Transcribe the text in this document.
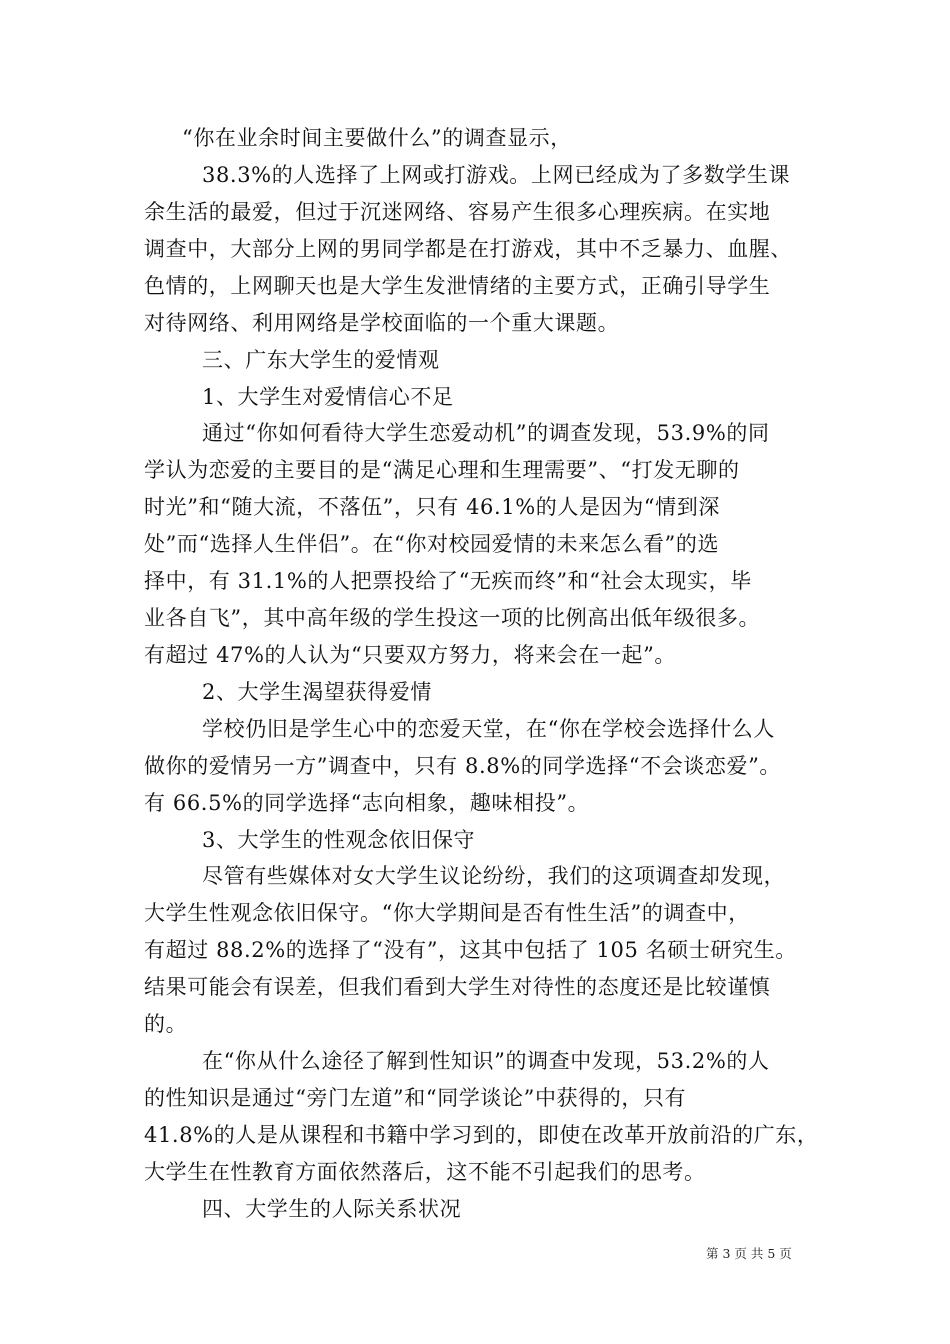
“你在业余时间主要做什么”的调查显示，
38.3%的人选择了上网或打游戏。上网已经成为了多数学生课
余生活的最爱，但过于沉迷网络、容易产生很多心理疾病。在实地
调查中，大部分上网的男同学都是在打游戏，其中不乏暴力、血腥、
色情的，上网聊天也是大学生发泄情绪的主要方式，正确引导学生
对待网络、利用网络是学校面临的一个重大课题。
三、广东大学生的爱情观
1、大学生对爱情信心不足
通过“你如何看待大学生恋爱动机”的调查发现，53.9%的同
学认为恋爱的主要目的是“满足心理和生理需要”、“打发无聊的
时光”和“随大流，不落伍”，只有 46.1%的人是因为“情到深
处”而“选择人生伴侣”。在“你对校园爱情的未来怎么看”的选
择中，有 31.1%的人把票投给了“无疾而终”和“社会太现实，毕
业各自飞”，其中高年级的学生投这一项的比例高出低年级很多。
有超过 47%的人认为“只要双方努力，将来会在一起”。
2、大学生渴望获得爱情
学校仍旧是学生心中的恋爱天堂，在“你在学校会选择什么人
做你的爱情另一方”调查中，只有 8.8%的同学选择“不会谈恋爱”。
有 66.5%的同学选择“志向相象，趣味相投”。
3、大学生的性观念依旧保守
尽管有些媒体对女大学生议论纷纷，我们的这项调查却发现，
大学生性观念依旧保守。“你大学期间是否有性生活”的调查中，
有超过 88.2%的选择了“没有”，这其中包括了 105 名硕士研究生。
结果可能会有误差，但我们看到大学生对待性的态度还是比较谨慎
的。
在“你从什么途径了解到性知识”的调查中发现，53.2%的人
的性知识是通过“旁门左道”和“同学谈论”中获得的，只有
41.8%的人是从课程和书籍中学习到的，即使在改革开放前沿的广东，
大学生在性教育方面依然落后，这不能不引起我们的思考。
四、大学生的人际关系状况
第 3 页 共 5 页
